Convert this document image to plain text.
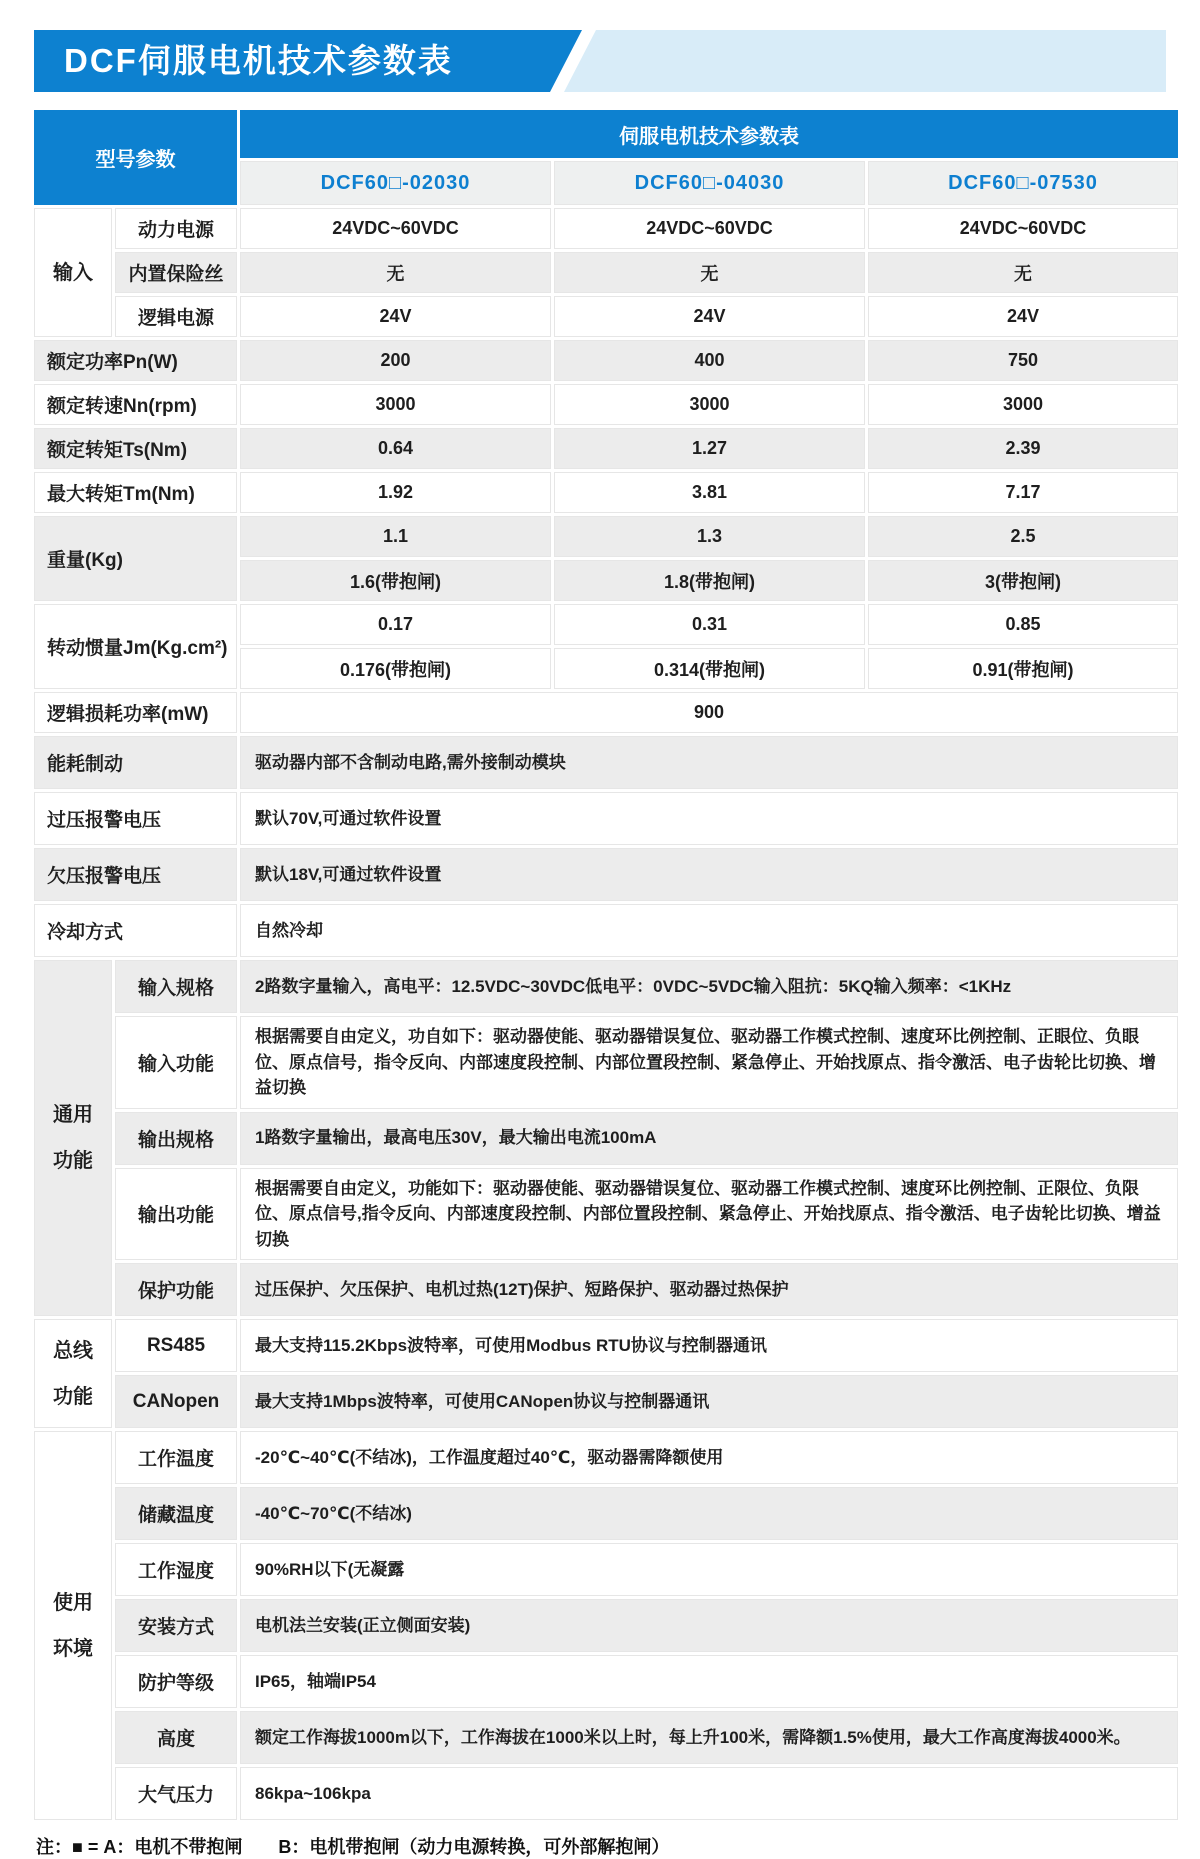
DCF伺服电机技术参数表
型号参数		伺服电机技术参数表		
		DCF60□-02030	DCF60□-04030	DCF60□-07530
输入	动力电源	24VDC~60VDC	24VDC~60VDC	24VDC~60VDC
	内置保险丝	无	无	无
	逻辑电源	24V	24V	24V
额定功率Pn(W)		200	400	750
额定转速Nn(rpm)		3000	3000	3000
额定转矩Ts(Nm)		0.64	1.27	2.39
最大转矩Tm(Nm)		1.92	3.81	7.17
重量(Kg)		1.1	1.3	2.5
		1.6(带抱闸)	1.8(带抱闸)	3(带抱闸)
转动惯量Jm(Kg.cm²)		0.17	0.31	0.85
		0.176(带抱闸)	0.314(带抱闸)	0.91(带抱闸)
逻辑损耗功率(mW)		900		
能耗制动		驱动器内部不含制动电路,需外接制动模块		
过压报警电压		默认70V,可通过软件设置		
欠压报警电压		默认18V,可通过软件设置		
冷却方式		自然冷却		
通用功能	输入规格	2路数字量输入，高电平：12.5VDC~30VDC低电平：0VDC~5VDC输入阻抗：5KQ输入频率：<1KHz		
	输入功能	根据需要自由定义，功自如下：驱动器使能、驱动器错误复位、驱动器工作模式控制、速度环比例控制、正眼位、负眼位、原点信号，指令反向、内部速度段控制、内部位置段控制、紧急停止、开始找原点、指令激活、电子齿轮比切换、增益切换		
	输出规格	1路数字量输出，最高电压30V，最大输出电流100mA		
	输出功能	根据需要自由定义，功能如下：驱动器使能、驱动器错误复位、驱动器工作模式控制、速度环比例控制、正限位、负限位、原点信号,指令反向、内部速度段控制、内部位置段控制、紧急停止、开始找原点、指令激活、电子齿轮比切换、增益切换		
	保护功能	过压保护、欠压保护、电机过热(12T)保护、短路保护、驱动器过热保护		
总线功能	RS485	最大支持115.2Kbps波特率，可使用Modbus RTU协议与控制器通讯		
	CANopen	最大支持1Mbps波特率，可使用CANopen协议与控制器通讯		
使用环境	工作温度	-20℃~40℃(不结冰)，工作温度超过40℃，驱动器需降额使用		
	储藏温度	-40℃~70℃(不结冰)		
	工作湿度	90%RH以下(无凝露		
	安装方式	电机法兰安装(正立侧面安装)		
	防护等级	IP65，轴端IP54		
	高度	额定工作海拔1000m以下，工作海拔在1000米以上时，每上升100米，需降额1.5%使用，最大工作高度海拔4000米。		
	大气压力	86kpa~106kpa		
注：■ = A：电机不带抱闸　　B：电机带抱闸（动力电源转换，可外部解抱闸）
